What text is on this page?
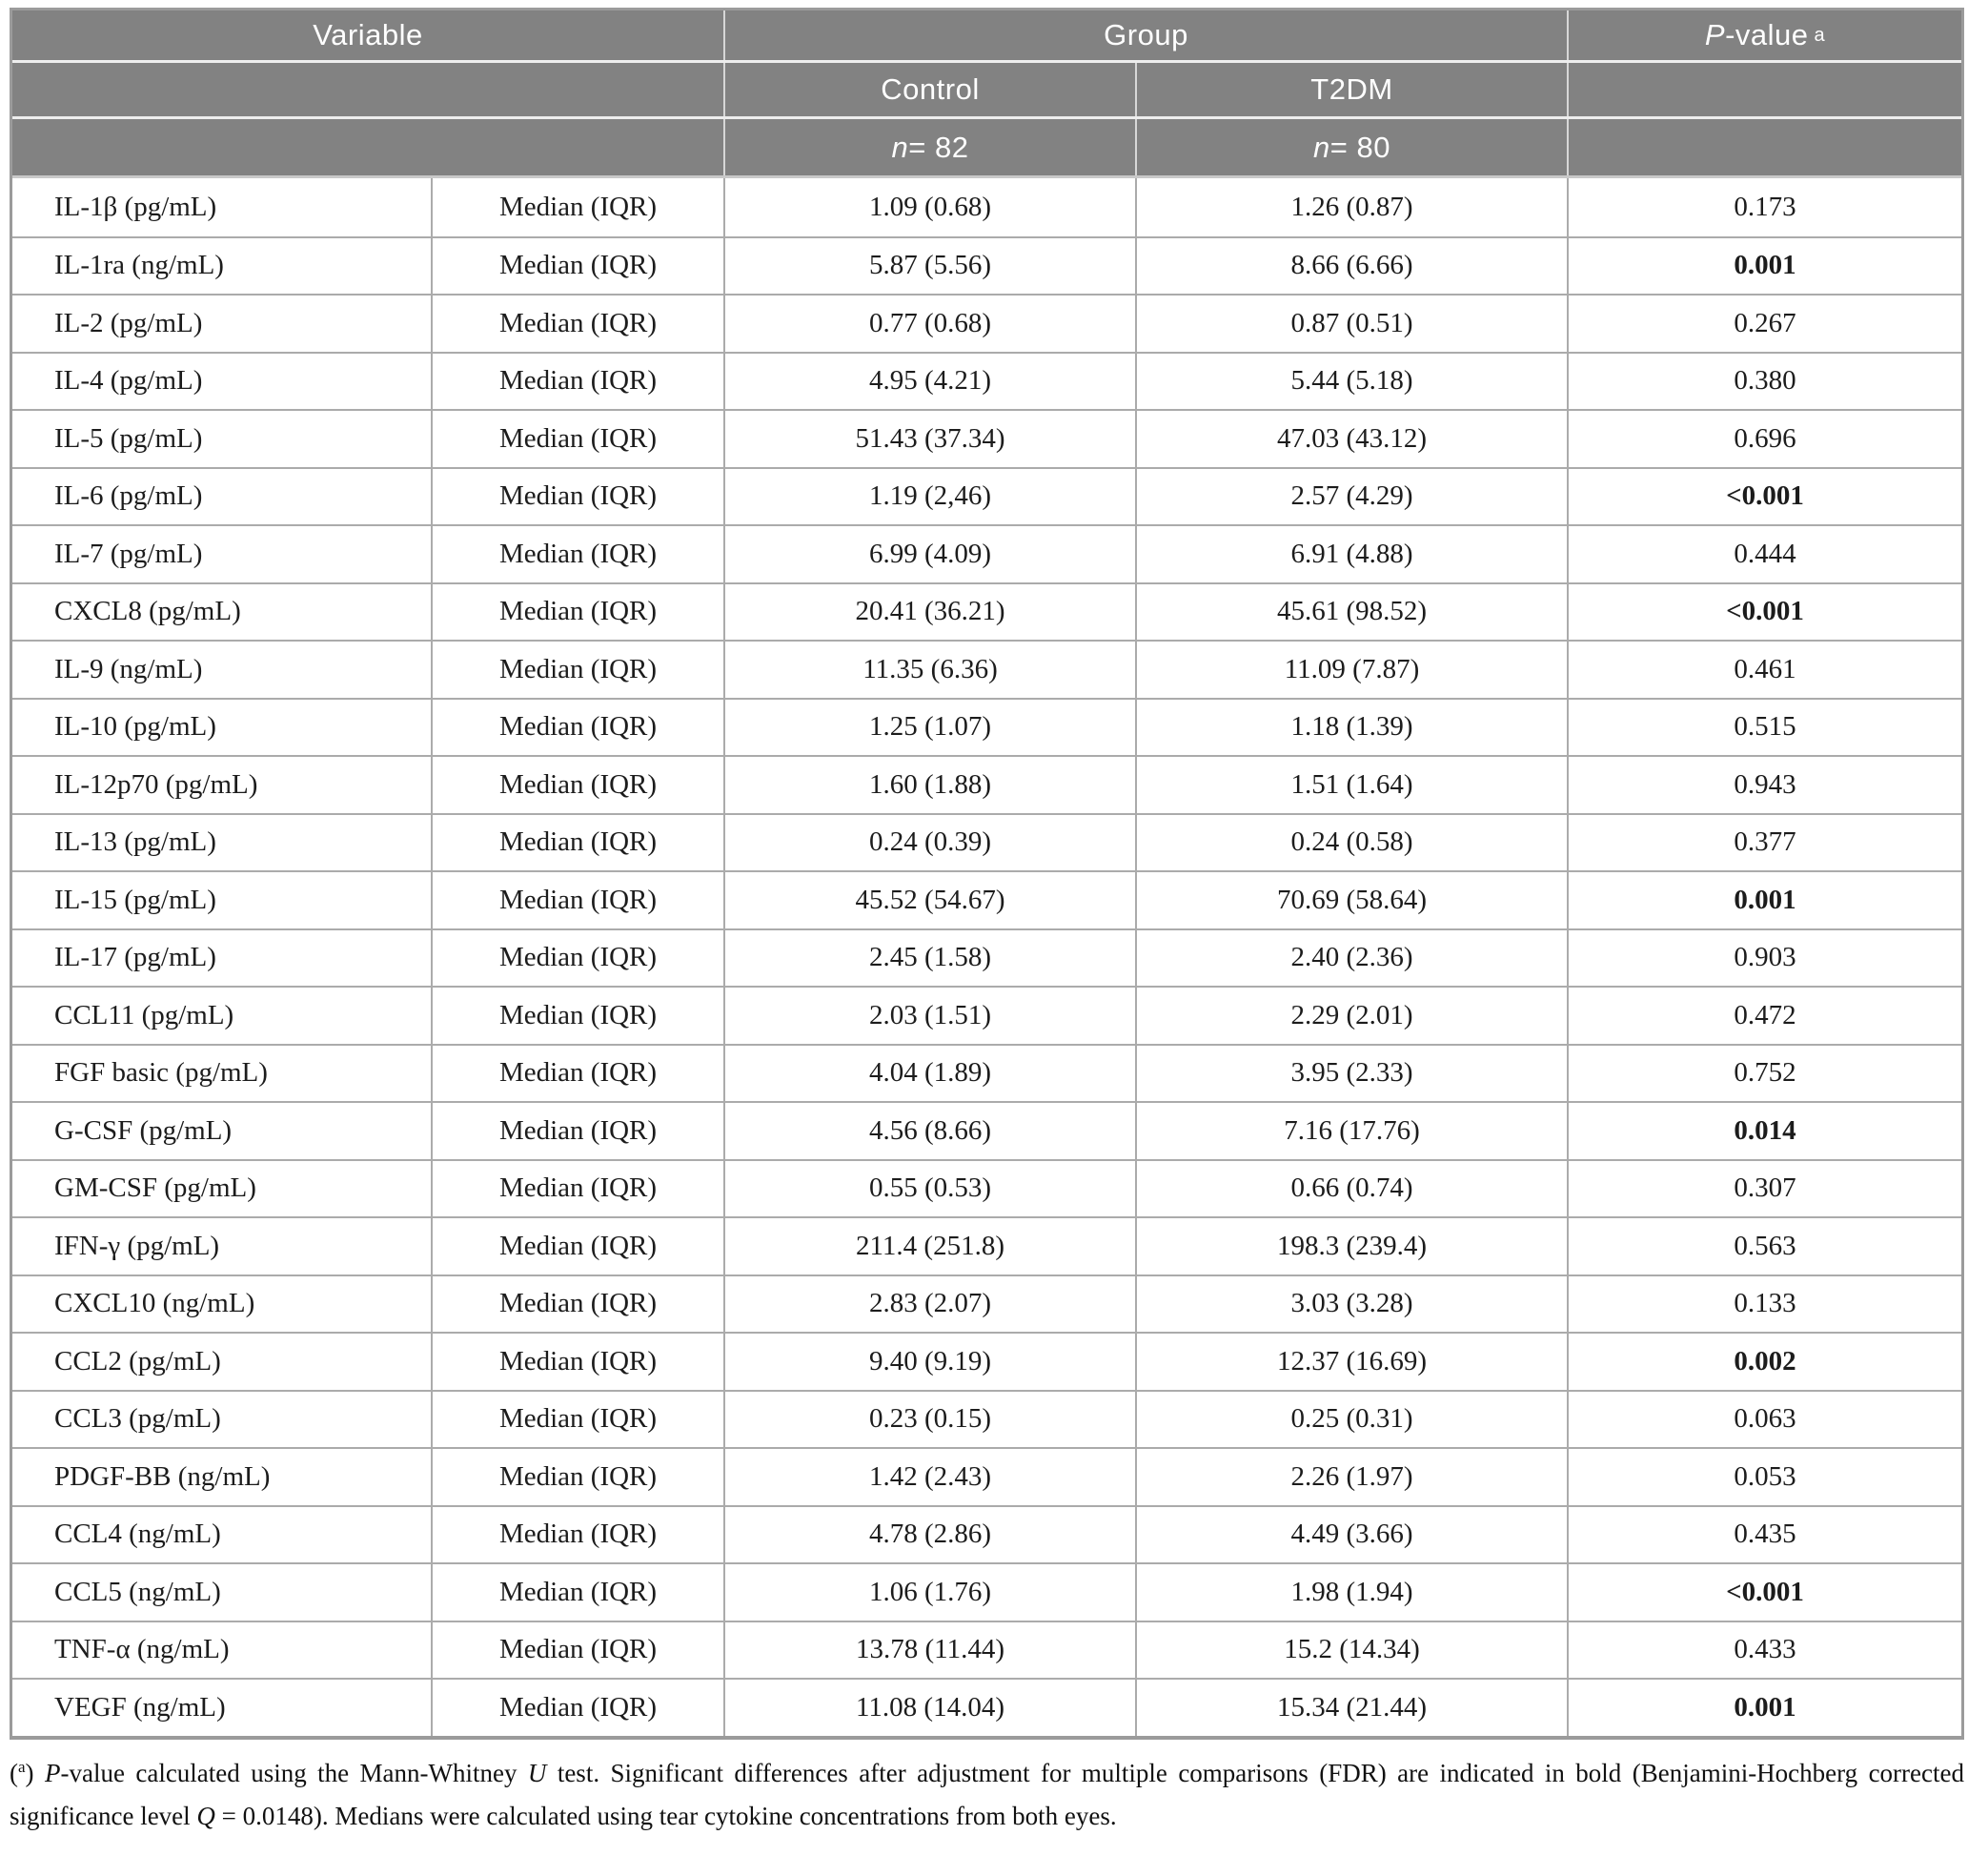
Variable	Group	P -value a
Control	T2DM
n = 82	n = 80
IL-1β (pg/mL)	Median (IQR)	1.09 (0.68)	1.26 (0.87)	0.173
IL-1ra (ng/mL)	Median (IQR)	5.87 (5.56)	8.66 (6.66)	0.001
IL-2 (pg/mL)	Median (IQR)	0.77 (0.68)	0.87 (0.51)	0.267
IL-4 (pg/mL)	Median (IQR)	4.95 (4.21)	5.44 (5.18)	0.380
IL-5 (pg/mL)	Median (IQR)	51.43 (37.34)	47.03 (43.12)	0.696
IL-6 (pg/mL)	Median (IQR)	1.19 (2,46)	2.57 (4.29)	<0.001
IL-7 (pg/mL)	Median (IQR)	6.99 (4.09)	6.91 (4.88)	0.444
CXCL8 (pg/mL)	Median (IQR)	20.41 (36.21)	45.61 (98.52)	<0.001
IL-9 (ng/mL)	Median (IQR)	11.35 (6.36)	11.09 (7.87)	0.461
IL-10 (pg/mL)	Median (IQR)	1.25 (1.07)	1.18 (1.39)	0.515
IL-12p70 (pg/mL)	Median (IQR)	1.60 (1.88)	1.51 (1.64)	0.943
IL-13 (pg/mL)	Median (IQR)	0.24 (0.39)	0.24 (0.58)	0.377
IL-15 (pg/mL)	Median (IQR)	45.52 (54.67)	70.69 (58.64)	0.001
IL-17 (pg/mL)	Median (IQR)	2.45 (1.58)	2.40 (2.36)	0.903
CCL11 (pg/mL)	Median (IQR)	2.03 (1.51)	2.29 (2.01)	0.472
FGF basic (pg/mL)	Median (IQR)	4.04 (1.89)	3.95 (2.33)	0.752
G-CSF (pg/mL)	Median (IQR)	4.56 (8.66)	7.16 (17.76)	0.014
GM-CSF (pg/mL)	Median (IQR)	0.55 (0.53)	0.66 (0.74)	0.307
IFN-γ (pg/mL)	Median (IQR)	211.4 (251.8)	198.3 (239.4)	0.563
CXCL10 (ng/mL)	Median (IQR)	2.83 (2.07)	3.03 (3.28)	0.133
CCL2 (pg/mL)	Median (IQR)	9.40 (9.19)	12.37 (16.69)	0.002
CCL3 (pg/mL)	Median (IQR)	0.23 (0.15)	0.25 (0.31)	0.063
PDGF-BB (ng/mL)	Median (IQR)	1.42 (2.43)	2.26 (1.97)	0.053
CCL4 (ng/mL)	Median (IQR)	4.78 (2.86)	4.49 (3.66)	0.435
CCL5 (ng/mL)	Median (IQR)	1.06 (1.76)	1.98 (1.94)	<0.001
TNF-α (ng/mL)	Median (IQR)	13.78 (11.44)	15.2 (14.34)	0.433
VEGF (ng/mL)	Median (IQR)	11.08 (14.04)	15.34 (21.44)	0.001
($^a$) P-value calculated using the Mann-Whitney U test. Significant differences after adjustment for multiple comparisons (FDR) are indicated in bold (Benjamini-Hochberg corrected significance level Q = 0.0148). Medians were calculated using tear cytokine concentrations from both eyes.
